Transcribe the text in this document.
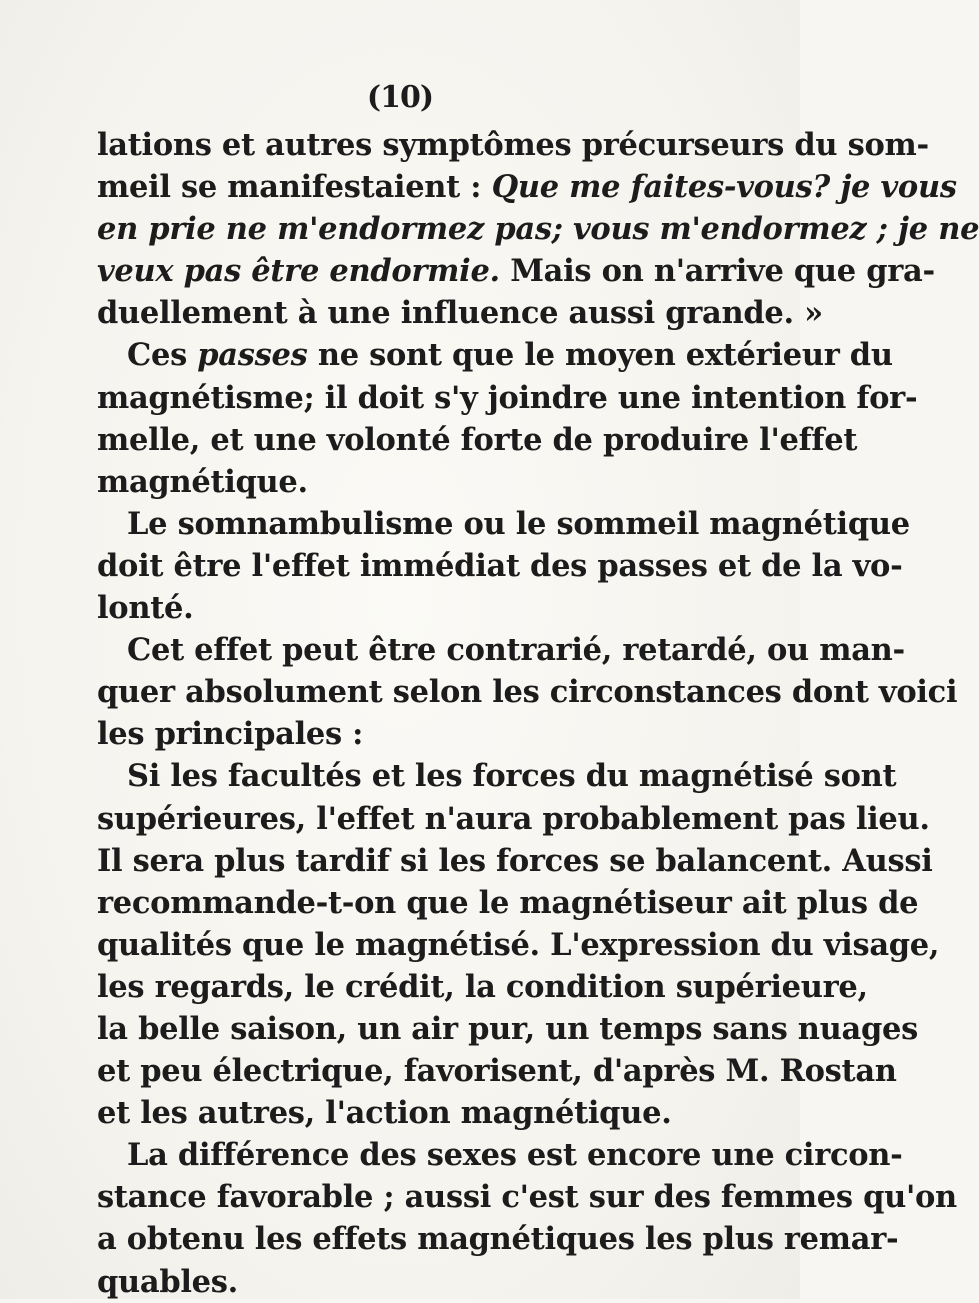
(10)
lations et autres symptômes précurseurs du som-
meil se manifestaient : Que me faites-vous? je vous
en prie ne m'endormez pas; vous m'endormez ; je ne
veux pas être endormie. Mais on n'arrive que gra-
duellement à une influence aussi grande. »
Ces passes ne sont que le moyen extérieur du
magnétisme; il doit s'y joindre une intention for-
melle, et une volonté forte de produire l'effet
magnétique.
Le somnambulisme ou le sommeil magnétique
doit être l'effet immédiat des passes et de la vo-
lonté.
Cet effet peut être contrarié, retardé, ou man-
quer absolument selon les circonstances dont voici
les principales :
Si les facultés et les forces du magnétisé sont
supérieures, l'effet n'aura probablement pas lieu.
Il sera plus tardif si les forces se balancent. Aussi
recommande-t-on que le magnétiseur ait plus de
qualités que le magnétisé. L'expression du visage,
les regards, le crédit, la condition supérieure,
la belle saison, un air pur, un temps sans nuages
et peu électrique, favorisent, d'après M. Rostan
et les autres, l'action magnétique.
La différence des sexes est encore une circon-
stance favorable ; aussi c'est sur des femmes qu'on
a obtenu les effets magnétiques les plus remar-
quables.
